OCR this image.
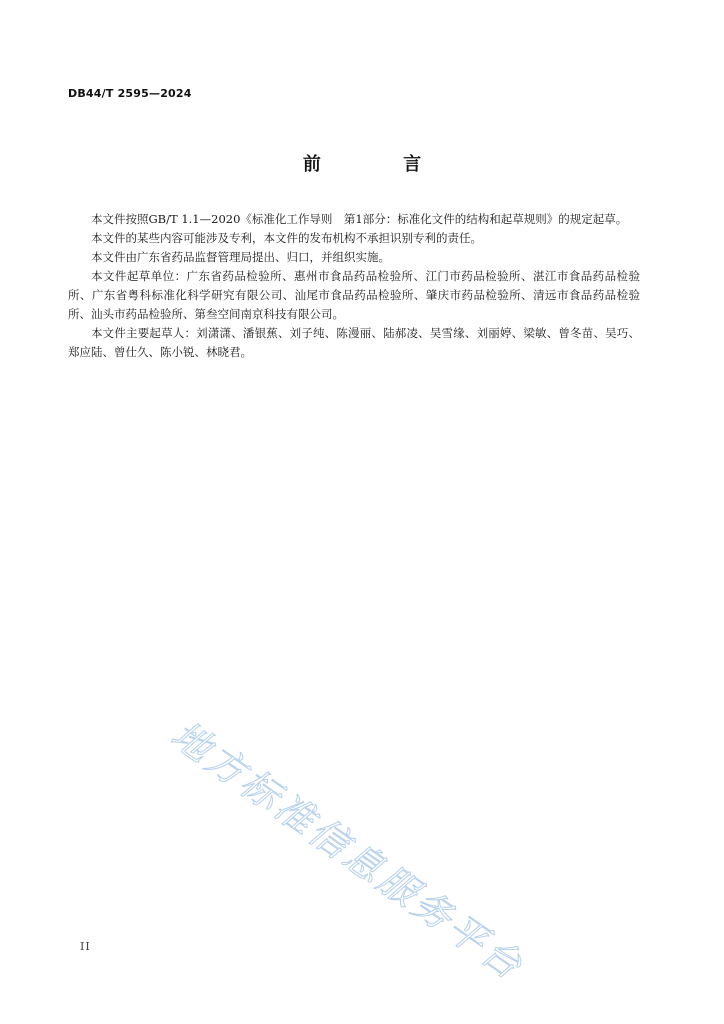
DB44/T 2595—2024
前 言

本文件按照GB/T 1.1—2020《标准化工作导则　第1部分：标准化文件的结构和起草规则》的规定起草。

本文件的某些内容可能涉及专利，本文件的发布机构不承担识别专利的责任。

本文件由广东省药品监督管理局提出、归口，并组织实施。

本文件起草单位：广东省药品检验所、惠州市食品药品检验所、江门市药品检验所、湛江市食品药品检验所、广东省粤科标准化科学研究有限公司、汕尾市食品药品检验所、肇庆市药品检验所、清远市食品药品检验所、汕头市药品检验所、第叁空间南京科技有限公司。

本文件主要起草人：刘潇潇、潘银蕉、刘子纯、陈漫丽、陆郝凌、吴雪缘、刘丽婷、梁敏、曾冬苗、吴巧、郑应陆、曾仕久、陈小锐、林晓君。

地方标准信息服务平台
II
